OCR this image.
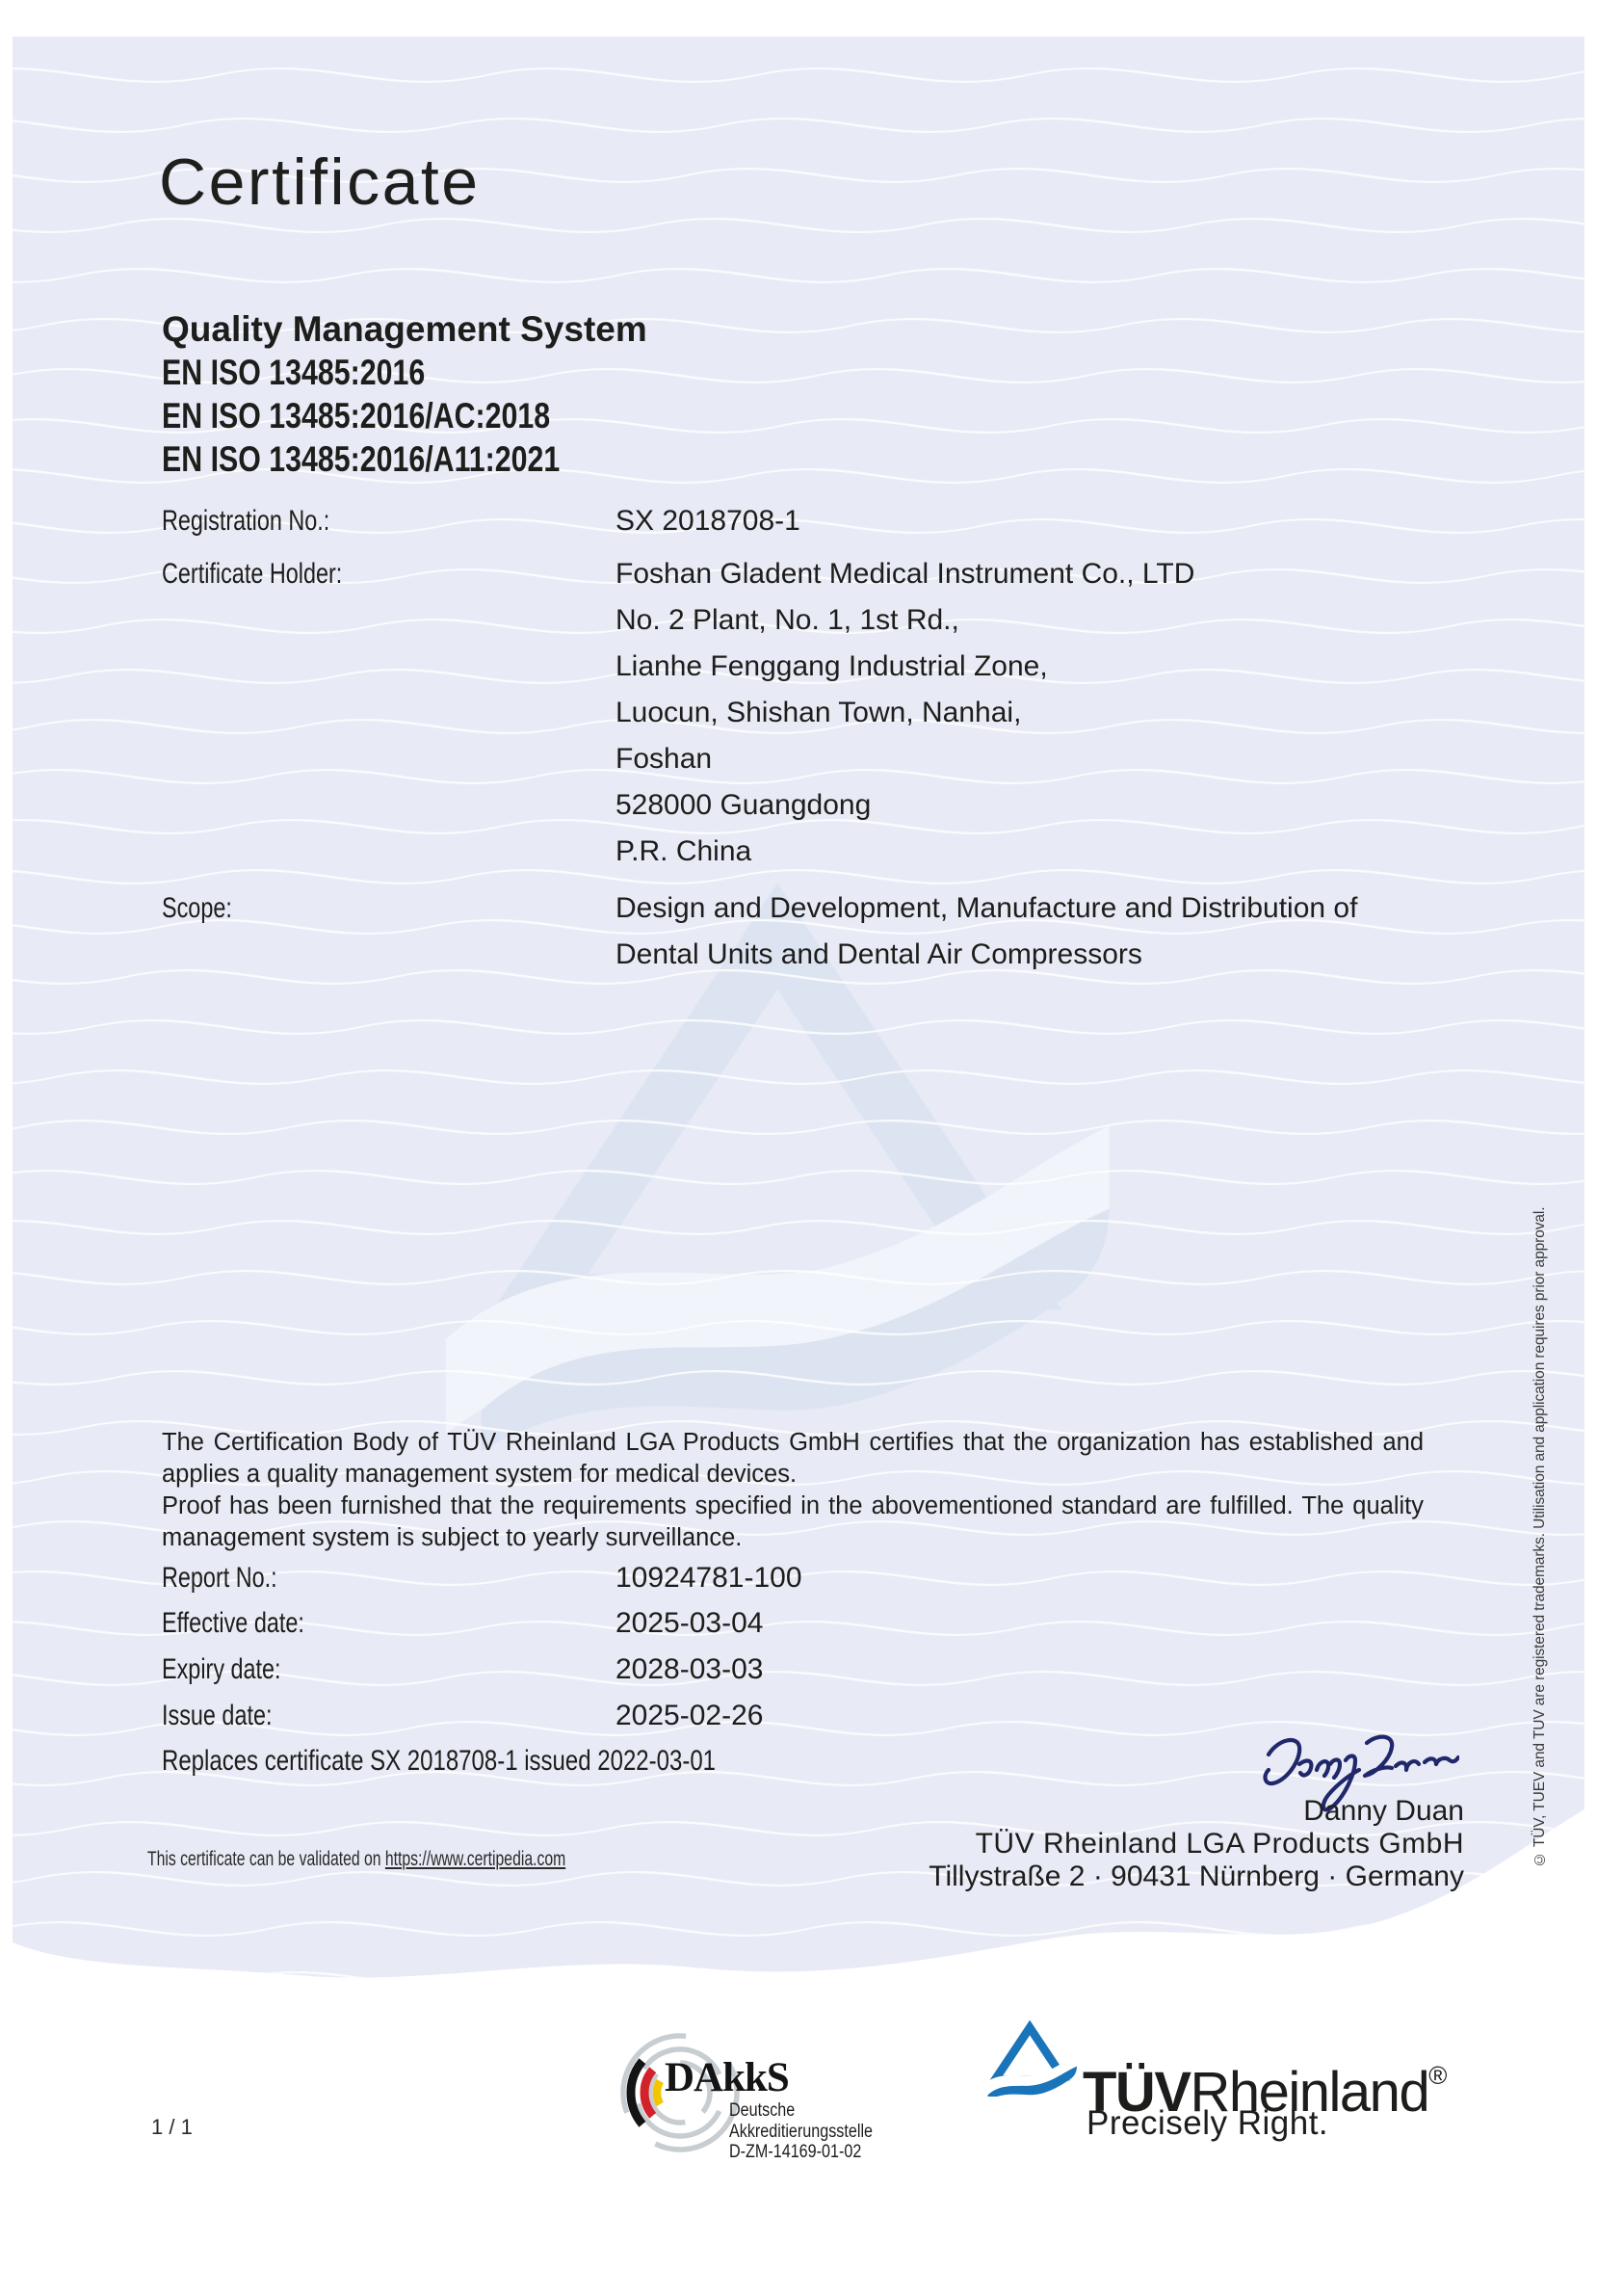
Certificate
Quality Management System
EN ISO 13485:2016
EN ISO 13485:2016/AC:2018
EN ISO 13485:2016/A11:2021
Registration No.:	SX 2018708-1
Certificate Holder:	Foshan Gladent Medical Instrument Co., LTD
No. 2 Plant, No. 1, 1st Rd.,
Lianhe Fenggang Industrial Zone,
Luocun, Shishan Town, Nanhai,
Foshan
528000 Guangdong
P.R. China
Scope:	Design and Development, Manufacture and Distribution of
Dental Units and Dental Air Compressors

The Certification Body of TÜV Rheinland LGA Products GmbH certifies that the organization has established and applies a quality management system for medical devices.

Proof has been furnished that the requirements specified in the abovementioned standard are fulfilled. The quality management system is subject to yearly surveillance.

Report No.:	10924781-100
Effective date:	2025-03-04
Expiry date:	2028-03-03
Issue date:	2025-02-26
Replaces certificate SX 2018708-1 issued 2022-03-01
This certificate can be validated on https://www.certipedia.com
Danny Duan
TÜV Rheinland LGA Products GmbH
Tillystraße 2 · 90431 Nürnberg · Germany
© TÜV, TUEV and TUV are registered trademarks. Utilisation and application requires prior approval.
1 / 1
DAkkS
Deutsche
Akkreditierungsstelle
D-ZM-14169-01-02
TÜVRheinland®
Precisely Right.
